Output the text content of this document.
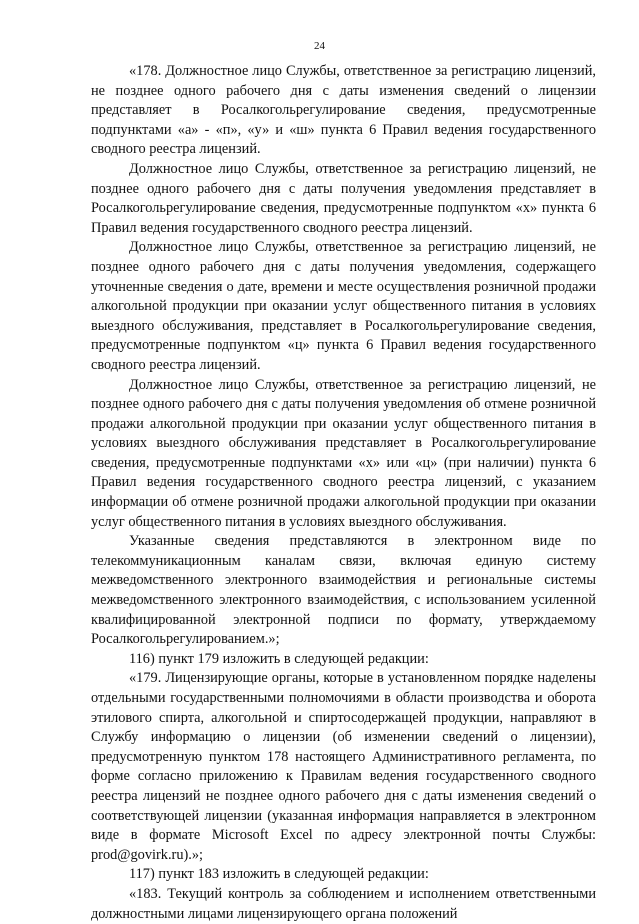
24

«178. Должностное лицо Службы, ответственное за регистрацию лицензий, не позднее одного рабочего дня с даты изменения сведений о лицензии представляет в Росалкогольрегулирование сведения, предусмотренные подпунктами «а» - «п», «у» и «ш» пункта 6 Правил ведения государственного сводного реестра лицензий.

Должностное лицо Службы, ответственное за регистрацию лицензий, не позднее одного рабочего дня с даты получения уведомления представляет в Росалкогольрегулирование сведения, предусмотренные подпунктом «х» пункта 6 Правил ведения государственного сводного реестра лицензий.

Должностное лицо Службы, ответственное за регистрацию лицензий, не позднее одного рабочего дня с даты получения уведомления, содержащего уточненные сведения о дате, времени и месте осуществления розничной продажи алкогольной продукции при оказании услуг общественного питания в условиях выездного обслуживания, представляет в Росалкогольрегулирование сведения, предусмотренные подпунктом «ц» пункта 6 Правил ведения государственного сводного реестра лицензий.

Должностное лицо Службы, ответственное за регистрацию лицензий, не позднее одного рабочего дня с даты получения уведомления об отмене розничной продажи алкогольной продукции при оказании услуг общественного питания в условиях выездного обслуживания представляет в Росалкогольрегулирование сведения, предусмотренные подпунктами «х» или «ц» (при наличии) пункта 6 Правил ведения государственного сводного реестра лицензий, с указанием информации об отмене розничной продажи алкогольной продукции при оказании услуг общественного питания в условиях выездного обслуживания.

Указанные сведения представляются в электронном виде по телекоммуникационным каналам связи, включая единую систему межведомственного электронного взаимодействия и региональные системы межведомственного электронного взаимодействия, с использованием усиленной квалифицированной электронной подписи по формату, утверждаемому Росалкогольрегулированием.»;

116) пункт 179 изложить в следующей редакции:

«179. Лицензирующие органы, которые в установленном порядке наделены отдельными государственными полномочиями в области производства и оборота этилового спирта, алкогольной и спиртосодержащей продукции, направляют в Службу информацию о лицензии (об изменении сведений о лицензии), предусмотренную пунктом 178 настоящего Административного регламента, по форме согласно приложению к Правилам ведения государственного сводного реестра лицензий не позднее одного рабочего дня с даты изменения сведений о соответствующей лицензии (указанная информация направляется в электронном виде в формате Microsoft Excel по адресу электронной почты Службы: prod@govirk.ru).»;

117) пункт 183 изложить в следующей редакции:

«183. Текущий контроль за соблюдением и исполнением ответственными должностными лицами лицензирующего органа положений
